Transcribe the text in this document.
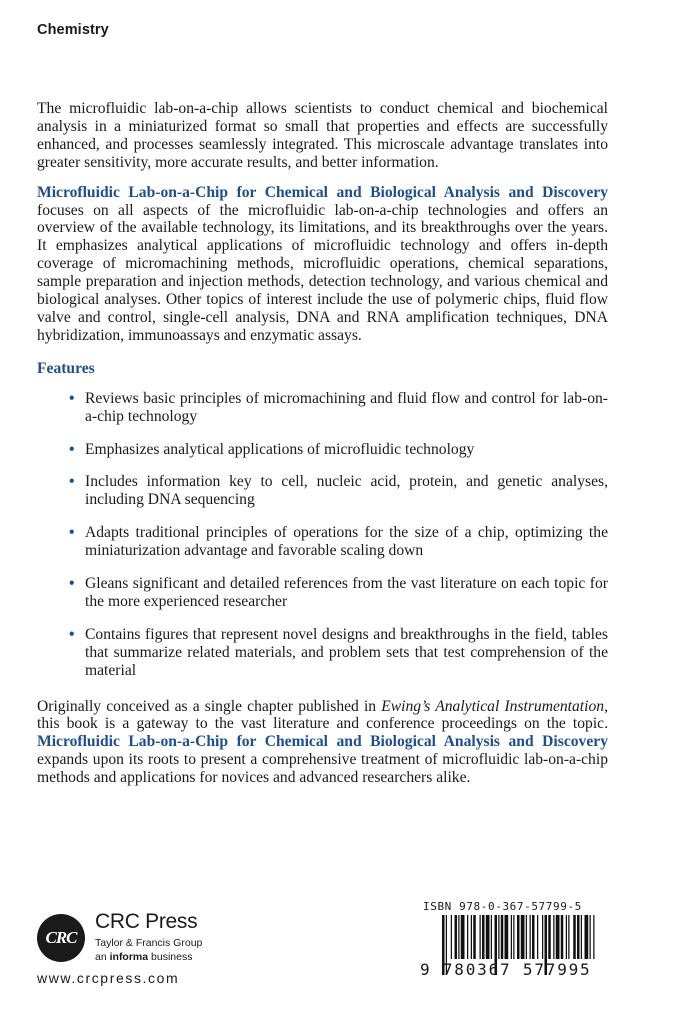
Chemistry

The microfluidic lab-on-a-chip allows scientists to conduct chemical and biochemical analysis in a miniaturized format so small that properties and effects are successfully enhanced, and processes seamlessly integrated. This microscale advantage translates into greater sensitivity, more accurate results, and better information.

Microfluidic Lab-on-a-Chip for Chemical and Biological Analysis and Discovery focuses on all aspects of the microfluidic lab-on-a-chip technologies and offers an overview of the available technology, its limitations, and its breakthroughs over the years. It emphasizes analytical applications of microfluidic technology and offers in-depth coverage of micromachining methods, microfluidic operations, chemical separations, sample preparation and injection methods, detection technology, and various chemical and biological analyses. Other topics of interest include the use of polymeric chips, fluid flow valve and control, single-cell analysis, DNA and RNA amplification techniques, DNA hybridization, immunoassays and enzymatic assays.

Features
• Reviews basic principles of micromachining and fluid flow and control for lab-on-a-chip technology
• Emphasizes analytical applications of microfluidic technology
• Includes information key to cell, nucleic acid, protein, and genetic analyses, including DNA sequencing
• Adapts traditional principles of operations for the size of a chip, optimizing the miniaturization advantage and favorable scaling down
• Gleans significant and detailed references from the vast literature on each topic for the more experienced researcher
• Contains figures that represent novel designs and breakthroughs in the field, tables that summarize related materials, and problem sets that test comprehension of the material

Originally conceived as a single chapter published in Ewing’s Analytical Instrumentation, this book is a gateway to the vast literature and conference proceedings on the topic. Microfluidic Lab-on-a-Chip for Chemical and Biological Analysis and Discovery expands upon its roots to present a comprehensive treatment of microfluidic lab-on-a-chip methods and applications for novices and advanced researchers alike.

CRC
CRC Press
Taylor & Francis Group
an informa business
www.crcpress.com
ISBN 978-0-367-57799-5
9 780367 577995
